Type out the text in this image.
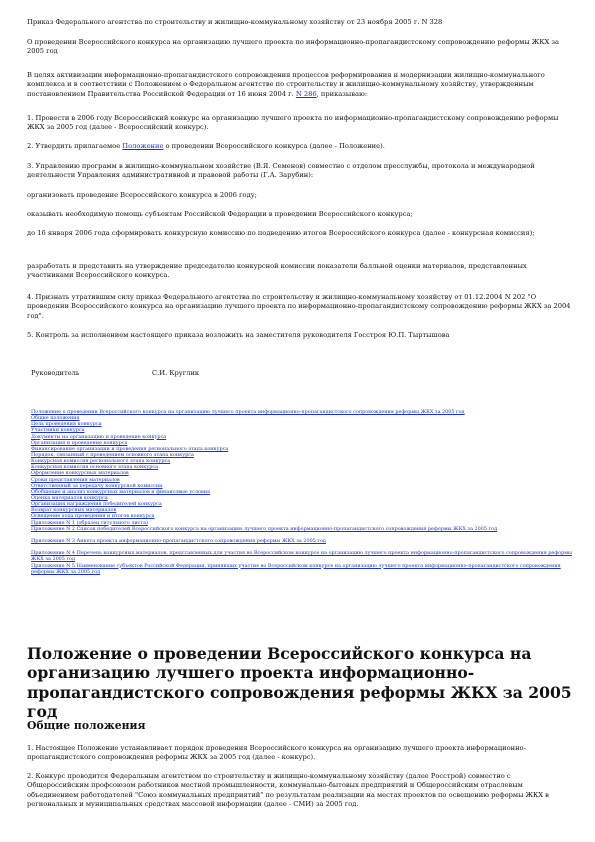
Приказ Федерального агентства по строительству и жилищно-коммунальному хозяйству от 23 ноября 2005 г. N 328

О проведении Всероссийского конкурса на организацию лучшего проекта по информационно-пропагандистскому сопровождению реформы ЖКХ за 2005 год

В целях активизации информационно-пропагандистского сопровождения процессов реформирования и модернизации жилищно-коммунального комплекса и в соответствии с Положением о Федеральном агентстве по строительству и жилищно-коммунальному хозяйству, утвержденным постановлением Правительства Российской Федерации от 16 июня 2004 г. N 286, приказываю:

1. Провести в 2006 году Всероссийский конкурс на организацию лучшего проекта по информационно-пропагандистскому сопровождению реформы ЖКХ за 2005 год (далее - Всероссийский конкурс).

2. Утвердить прилагаемое Положение о проведении Всероссийского конкурса (далее - Положение).

3. Управлению программ в жилищно-коммунальном хозяйстве (В.Я. Семенов) совместно с отделом пресслужбы, протокола и международной деятельности Управления административной и правовой работы (Г.А. Зарубин):

организовать проведение Всероссийского конкурса в 2006 году;

оказывать необходимую помощь субъектам Российской Федерации в проведении Всероссийского конкурса;

до 16 января 2006 года сформировать конкурсную комиссию по подведению итогов Всероссийского конкурса (далее - конкурсная комиссия);

разработать и представить на утверждение председателю конкурсной комиссии показатели балльной оценки материалов, представленных участниками Всероссийского конкурса.

4. Признать утратившим силу приказ Федерального агентства по строительству и жилищно-коммунальному хозяйству от 01.12.2004 N 202 "О проведении Всероссийского конкурса на организацию лучшего проекта по информационно-пропагандистскому сопровождению реформы ЖКХ за 2004 год".

5. Контроль за исполнением настоящего приказа возложить на заместителя руководителя Госстроя Ю.П. Тыртышова

Руководитель	С.И. Круглик
Положение о проведении Всероссийского конкурса на организацию лучшего проекта информационно-пропагандистского сопровождения реформы ЖКХ за 2005 год
Общие положения
Цель проведения конкурса
Участники конкурса
Документы на организацию и проведение конкурса
Организация и проведение конкурса
Финансирование организации и проведения регионального этапа конкурса
Порядок, связанный с проведением основного этапа конкурса
Конкурсная комиссия регионального этапа конкурса
Конкурсная комиссия основного этапа конкурса
Оформление конкурсных материалов
Сроки представления материалов
Ответственный за передачу конкурсной комиссии
Обобщение и анализ конкурсных материалов и финансовые условия
Оценка материалов конкурса
Организация награждения победителей конкурса
Возврат конкурсных материалов
Освещение хода проведения и итогов конкурса
Приложение N 1 (образец титульного листа)
Приложение N 2 Список победителей Всероссийского конкурса на организацию лучшего проекта информационно-пропагандистского сопровождения реформы ЖКХ за 2005 год
Приложение N 3 Анкета проекта информационно-пропагандистского сопровождения реформы ЖКХ за 2005 год
Приложение N 4 Перечень конкурсных материалов, представленных для участия во Всероссийском конкурсе на организацию лучшего проекта информационно-пропагандистского сопровождения реформы ЖКХ за 2005 год
Приложение N 5 Наименование субъектов Российской Федерации, принявших участие во Всероссийском конкурсе на организацию лучшего проекта информационно-пропагандистского сопровождения реформы ЖКХ за 2005 год
Положение о проведении Всероссийского конкурса на организацию лучшего проекта информационно-пропагандистского сопровождения реформы ЖКХ за 2005 год
Общие положения

1. Настоящее Положение устанавливает порядок проведения Всероссийского конкурса на организацию лучшего проекта информационно-пропагандистского сопровождения реформы ЖКХ за 2005 год (далее - конкурс).

2. Конкурс проводится Федеральным агентством по строительству и жилищно-коммунальному хозяйству (далее Росстрой) совместно с Общероссийским профсоюзом работников местной промышленности, коммунально-бытовых предприятий и Общероссийским отраслевым объединением работодателей "Союз коммунальных предприятий" по результатам реализации на местах проектов по освещению реформы ЖКХ в региональных и муниципальных средствах массовой информации (далее - СМИ) за 2005 год.
